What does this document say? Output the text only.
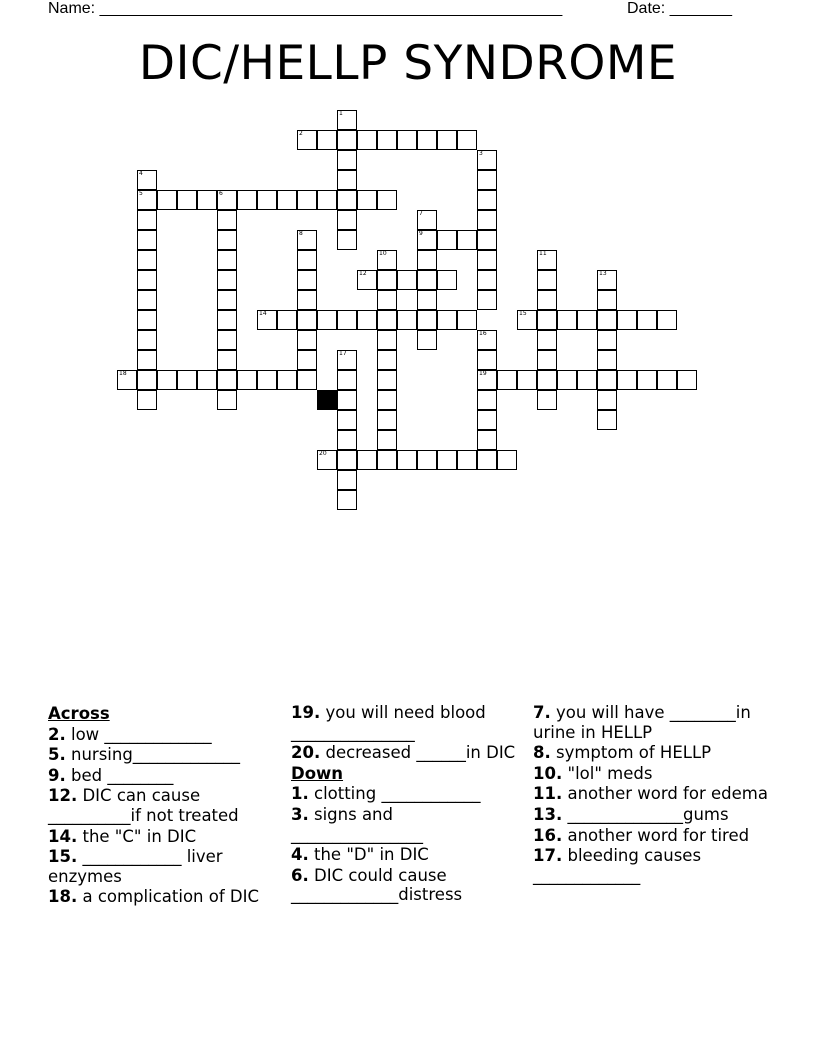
Name: ____________________________________________________	Date: _______
DIC/HELLP SYNDROME
1
2
3
4
5	6
7
8	9
10	11
12	13
14	15
16
17
18	19
20
Across
2. low _____________
5. nursing_____________
9. bed ________
12. DIC can cause __________if not treated
14. the "C" in DIC
15. ____________ liver enzymes
18. a complication of DIC
19. you will need blood _______________
20. decreased ______in DIC
Down
1. clotting ____________
3. signs and ________________
4. the "D" in DIC
6. DIC could cause _____________distress
7. you will have ________in urine in HELLP
8. symptom of HELLP
10. "lol" meds
11. another word for edema
13. ______________gums
16. another word for tired
17. bleeding causes _____________
